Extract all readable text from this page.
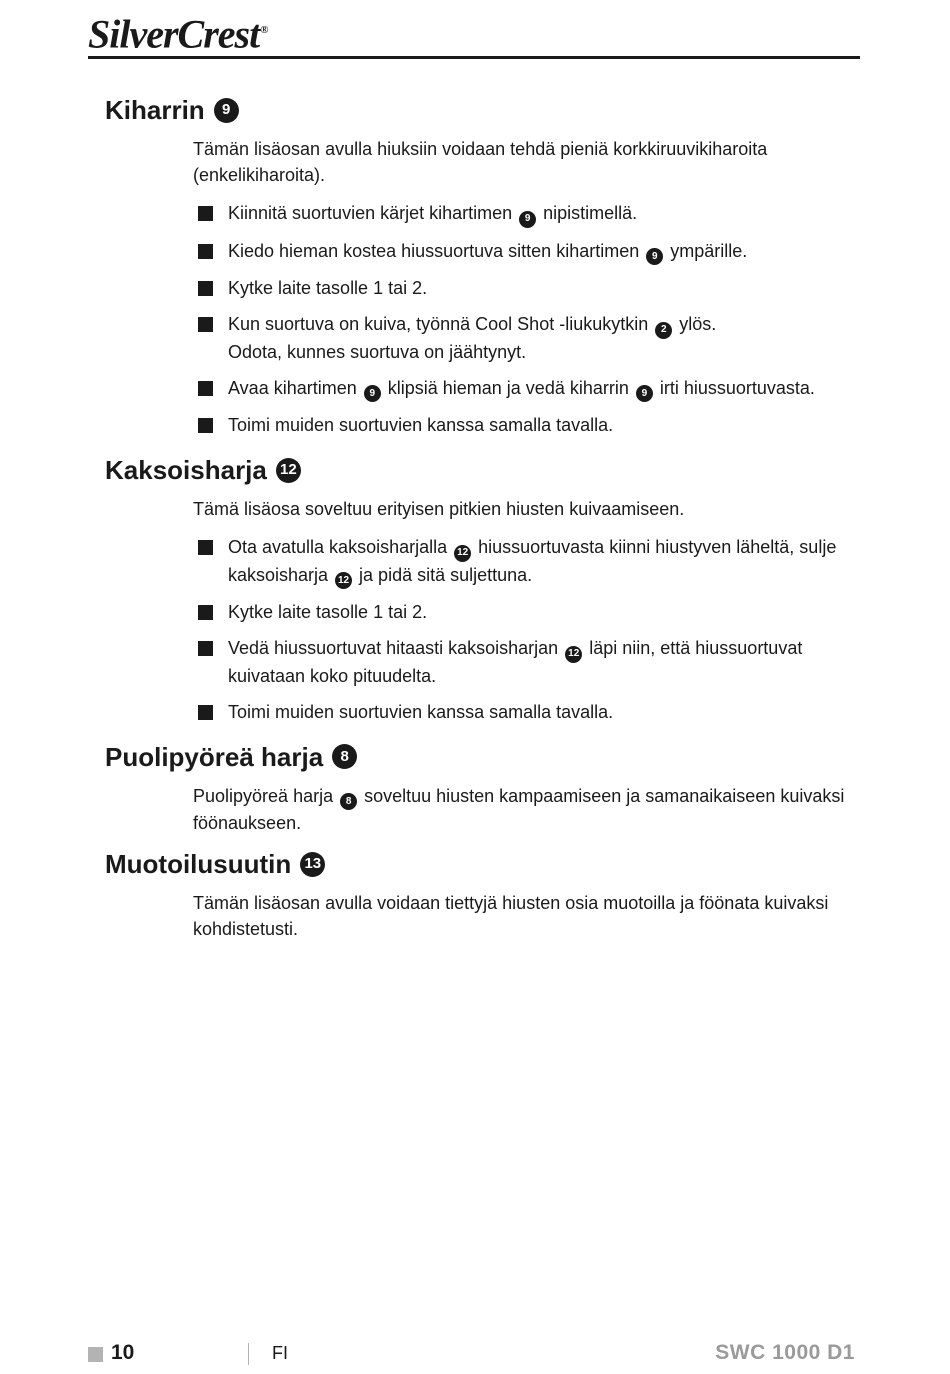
SilverCrest®
Kiharrin	9

Tämän lisäosan avulla hiuksiin voidaan tehdä pieniä korkkiruuvikiharoita (enkelikiharoita).

Kiinnitä suortuvien kärjet kihartimen 9 nipistimellä.
Kiedo hieman kostea hiussuortuva sitten kihartimen 9 ympärille.
Kytke laite tasolle 1 tai 2.
Kun suortuva on kuiva, työnnä Cool Shot -liukukytkin 2 ylös.
Odota, kunnes suortuva on jäähtynyt.
Avaa kihartimen 9 klipsiä hieman ja vedä kiharrin 9 irti hiussuortuvasta.
Toimi muiden suortuvien kanssa samalla tavalla.
Kaksoisharja 12

Tämä lisäosa soveltuu erityisen pitkien hiusten kuivaamiseen.

Ota avatulla kaksoisharjalla 12 hiussuortuvasta kiinni hiustyven läheltä, sulje kaksoisharja 12 ja pidä sitä suljettuna.
Kytke laite tasolle 1 tai 2.
Vedä hiussuortuvat hitaasti kaksoisharjan 12 läpi niin, että hiussuortuvat kuivataan koko pituudelta.
Toimi muiden suortuvien kanssa samalla tavalla.
Puolipyöreä harja	8

Puolipyöreä harja 8 soveltuu hiusten kampaamiseen ja samanaikaiseen kuivaksi föönaukseen.

Muotoilusuutin 13

Tämän lisäosan avulla voidaan tiettyjä hiusten osia muotoilla ja föönata kuivaksi kohdistetusti.

10	FI	SWC 1000 D1
